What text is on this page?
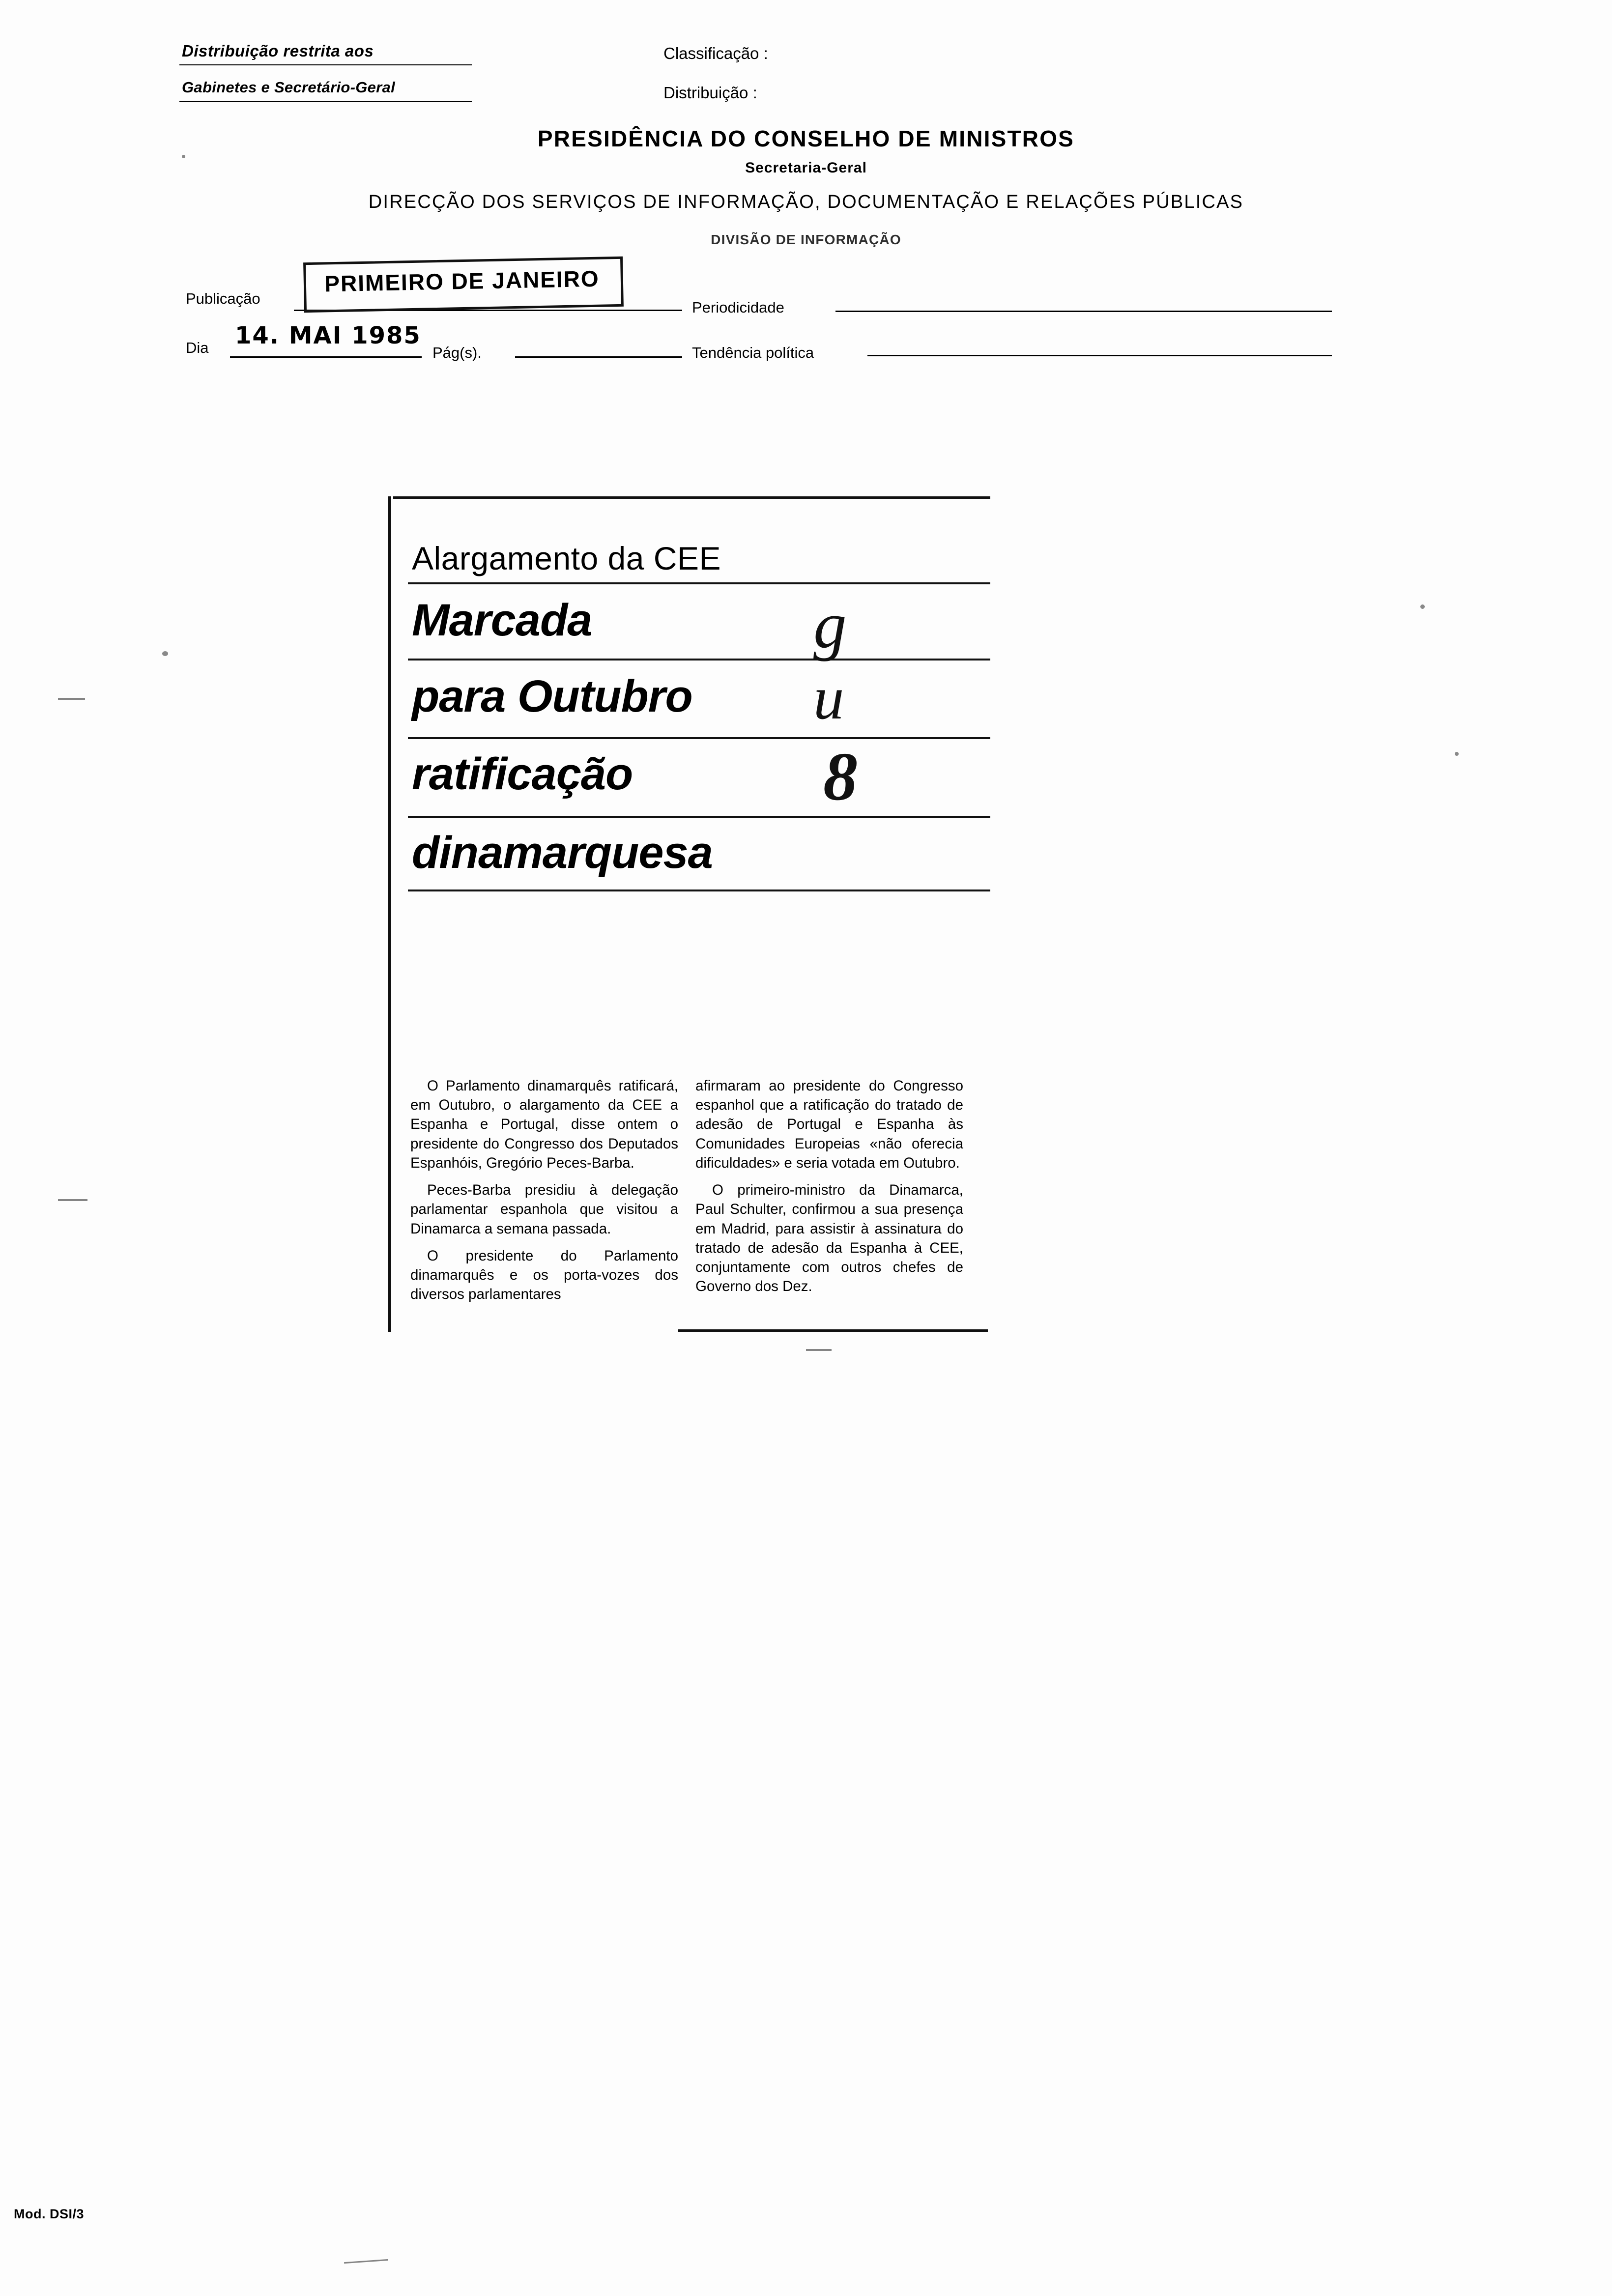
Distribuição restrita aos
Gabinetes e Secretário-Geral
Classificação :
Distribuição :
PRESIDÊNCIA DO CONSELHO DE MINISTROS
Secretaria-Geral
DIRECÇÃO DOS SERVIÇOS DE INFORMAÇÃO, DOCUMENTAÇÃO E RELAÇÕES PÚBLICAS
DIVISÃO DE INFORMAÇÃO
Publicação
PRIMEIRO DE JANEIRO
Periodicidade
Dia 14. MAI 1985
Pág(s).	Tendência política
Alargamento da CEE
Marcada
para Outubro
ratificação
dinamarquesa
g
u
8

O Parlamento dinamarquês ratificará, em Outubro, o alargamento da CEE a Espanha e Portugal, disse ontem o presidente do Congresso dos Deputados Espanhóis, Gregório Peces-Barba.

Peces-Barba presidiu à delegação parlamentar espanhola que visitou a Dinamarca a semana passada.

O presidente do Parlamento dinamarquês e os porta-vozes dos diversos parlamentares

afirmaram ao presidente do Congresso espanhol que a ratificação do tratado de adesão de Portugal e Espanha às Comunidades Europeias «não oferecia dificuldades» e seria votada em Outubro.

O primeiro-ministro da Dinamarca, Paul Schulter, confirmou a sua presença em Madrid, para assistir à assinatura do tratado de adesão da Espanha à CEE, conjuntamente com outros chefes de Governo dos Dez.

Mod. DSI/3
